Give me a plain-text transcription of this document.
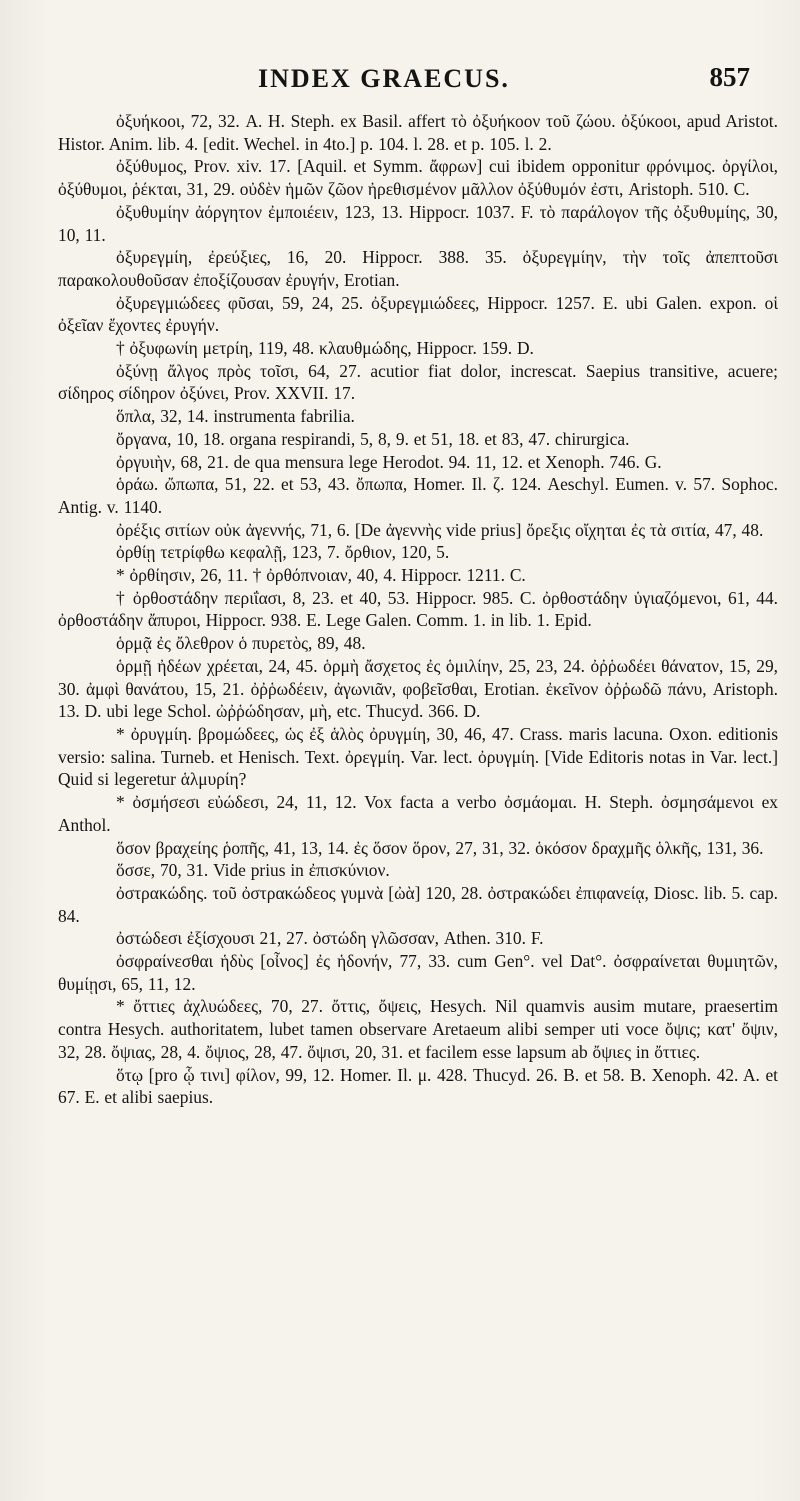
INDEX GRAECUS.	857

ὀξυήκοοι, 72, 32. A. H. Steph. ex Basil. affert τὸ ὀξυήκοον τοῦ ζώου. ὀξύκοοι, apud Aristot. Histor. Anim. lib. 4. [edit. Wechel. in 4to.] p. 104. l. 28. et p. 105. l. 2.

ὀξύθυμος, Prov. xiv. 17. [Aquil. et Symm. ἄφρων] cui ibidem opponitur φρόνιμος. ὀργίλοι, ὀξύθυμοι, ῥέκται, 31, 29. οὐδὲν ἡμῶν ζῶον ἠρεθισμένον μᾶλλον ὀξύθυμόν ἐστι, Aristoph. 510. C.

ὀξυθυμίην ἀόργητον ἐμποιέειν, 123, 13. Hippocr. 1037. F. τὸ παράλογον τῆς ὀξυθυμίης, 30, 10, 11.

ὀξυρεγμίη, ἐρεύξιες, 16, 20. Hippocr. 388. 35. ὀξυρεγμίην, τὴν τοῖς ἀπεπτοῦσι παρακολουθοῦσαν ἐποξίζουσαν ἐρυγήν, Erotian.

ὀξυρεγμιώδεες φῦσαι, 59, 24, 25. ὀξυρεγμιώδεες, Hippocr. 1257. E. ubi Galen. expon. οἱ ὀξεῖαν ἔχοντες ἐρυγήν.

† ὀξυφωνίη μετρίη, 119, 48. κλαυθμώδης, Hippocr. 159. D.

ὀξύνῃ ἄλγος πρὸς τοῖσι, 64, 27. acutior fiat dolor, increscat. Saepius transitive, acuere; σίδηρος σίδηρον ὀξύνει, Prov. XXVII. 17.

ὅπλα, 32, 14. instrumenta fabrilia.

ὄργανα, 10, 18. organa respirandi, 5, 8, 9. et 51, 18. et 83, 47. chirurgica.

ὀργυιὴν, 68, 21. de qua mensura lege Herodot. 94. 11, 12. et Xenoph. 746. G.

ὁράω. ὤπωπα, 51, 22. et 53, 43. ὄπωπα, Homer. Il. ζ. 124. Aeschyl. Eumen. v. 57. Sophoc. Antig. v. 1140.

ὀρέξις σιτίων οὐκ ἀγεννής, 71, 6. [De ἀγεννὴς vide prius] ὄρεξις οἴχηται ἐς τὰ σιτία, 47, 48.

ὀρθίῃ τετρίφθω κεφαλῇ, 123, 7. ὄρθιον, 120, 5.

* ὀρθίησιν, 26, 11. † ὀρθόπνοιαν, 40, 4. Hippocr. 1211. C.

† ὀρθοστάδην περιΐασι, 8, 23. et 40, 53. Hippocr. 985. C. ὀρθοστάδην ὑγιαζόμενοι, 61, 44. ὀρθοστάδην ἄπυροι, Hippocr. 938. E. Lege Galen. Comm. 1. in lib. 1. Epid.

ὁρμᾷ ἐς ὄλεθρον ὁ πυρετὸς, 89, 48.

ὁρμῇ ἠδέων χρέεται, 24, 45. ὁρμὴ ἄσχετος ἐς ὁμιλίην, 25, 23, 24. ὀῤῥωδέει θάνατον, 15, 29, 30. ἀμφὶ θανάτου, 15, 21. ὀῤῥωδέειν, ἀγωνιᾶν, φοβεῖσθαι, Erotian. ἐκεῖνον ὀῤῥωδῶ πάνυ, Aristoph. 13. D. ubi lege Schol. ὠῤῥώδησαν, μὴ, etc. Thucyd. 366. D.

* ὀρυγμίη. βρομώδεες, ὡς ἐξ ἁλὸς ὀρυγμίη, 30, 46, 47. Crass. maris lacuna. Oxon. editionis versio: salina. Turneb. et Henisch. Text. ὀρεγμίη. Var. lect. ὀρυγμίη. [Vide Editoris notas in Var. lect.] Quid si legeretur ἁλμυρίη?

* ὀσμήσεσι εὐώδεσι, 24, 11, 12. Vox facta a verbo ὀσμάομαι. H. Steph. ὀσμησάμενοι ex Anthol.

ὅσον βραχείης ῥοπῆς, 41, 13, 14. ἐς ὅσον ὅρον, 27, 31, 32. ὁκόσον δραχμῆς ὁλκῆς, 131, 36.

ὅσσε, 70, 31. Vide prius in ἐπισκύνιον.

ὀστρακώδης. τοῦ ὀστρακώδεος γυμνὰ [ὠὰ] 120, 28. ὀστρακώδει ἐπιφανείᾳ, Diosc. lib. 5. cap. 84.

ὀστώδεσι ἐξίσχουσι 21, 27. ὀστώδη γλῶσσαν, Athen. 310. F.

ὀσφραίνεσθαι ἡδὺς [οἶνος] ἐς ἡδονήν, 77, 33. cum Gen°. vel Dat°. ὀσφραίνεται θυμιητῶν, θυμίῃσι, 65, 11, 12.

* ὄττιες ἀχλυώδεες, 70, 27. ὄττις, ὄψεις, Hesych. Nil quamvis ausim mutare, praesertim contra Hesych. authoritatem, lubet tamen observare Aretaeum alibi semper uti voce ὄψις; κατ' ὄψιν, 32, 28. ὄψιας, 28, 4. ὄψιος, 28, 47. ὄψισι, 20, 31. et facilem esse lapsum ab ὄψιες in ὄττιες.

ὅτῳ [pro ᾧ τινι] φίλον, 99, 12. Homer. Il. μ. 428. Thucyd. 26. B. et 58. B. Xenoph. 42. A. et 67. E. et alibi saepius.
